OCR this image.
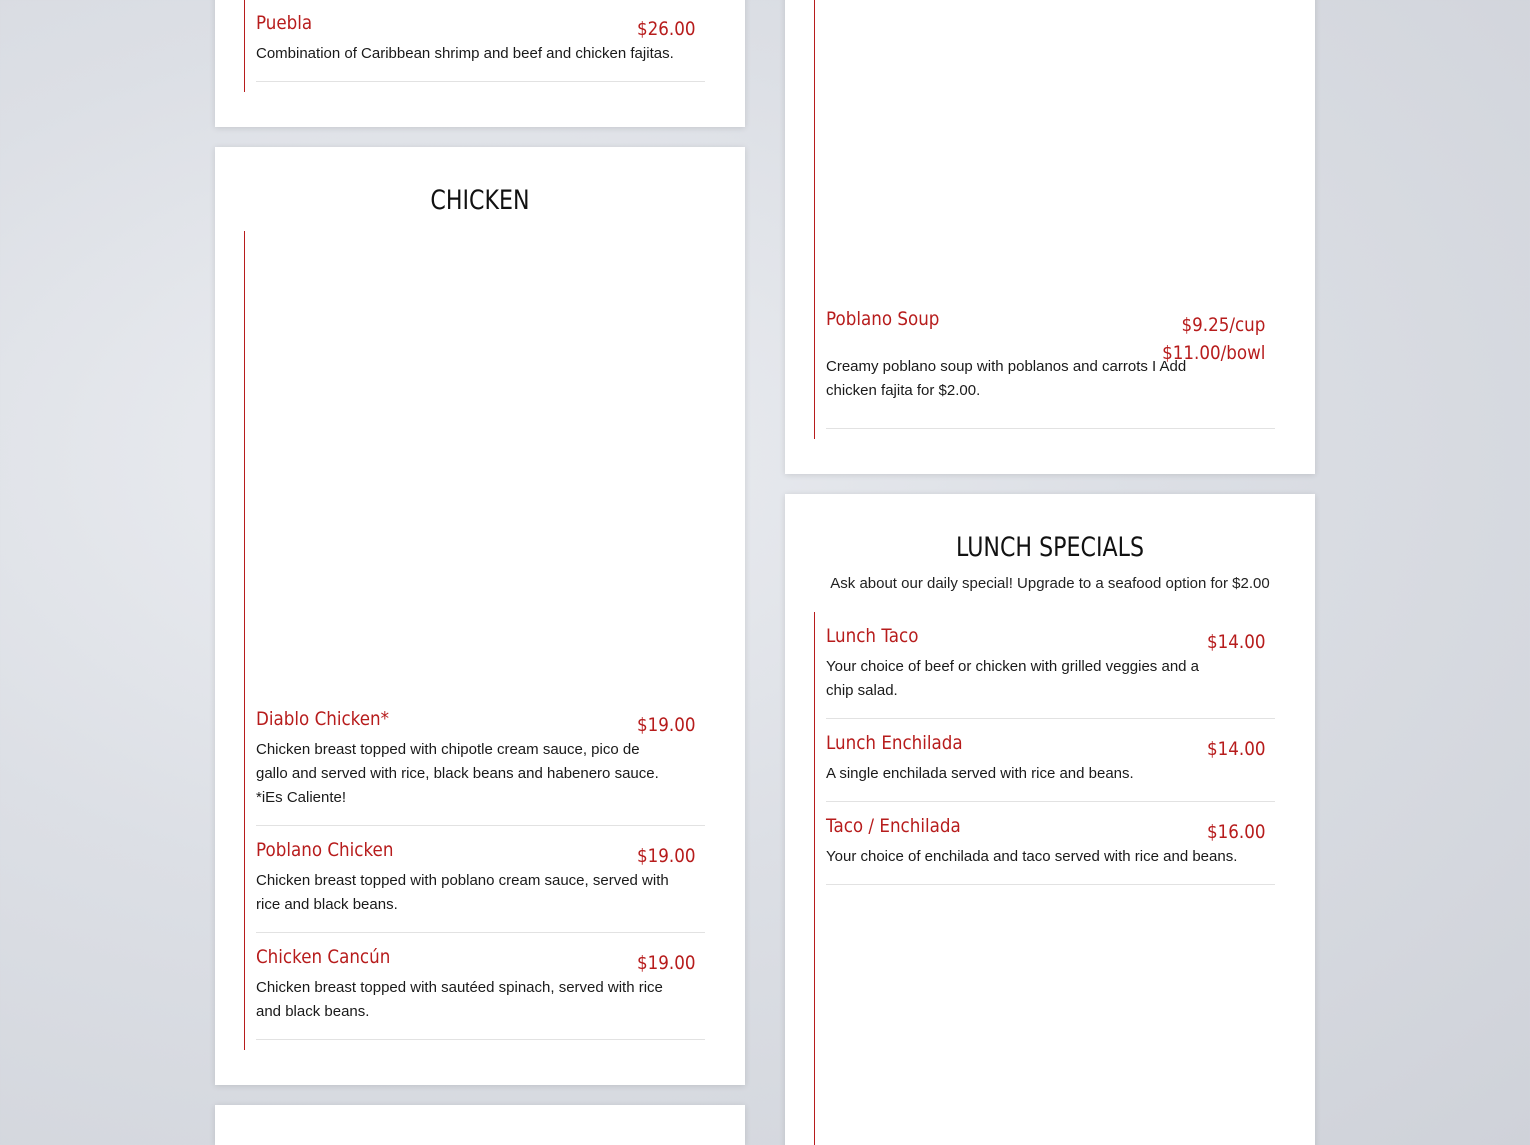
Puebla	$26.00
Combination of Caribbean shrimp and beef and chicken fajitas.
CHICKEN
Diablo Chicken*	$19.00
Chicken breast topped with chipotle cream sauce, pico de gallo and served with rice, black beans and habenero sauce. *iEs Caliente!
Poblano Chicken	$19.00
Chicken breast topped with poblano cream sauce, served with rice and black beans.
Chicken Cancún	$19.00
Chicken breast topped with sautéed spinach, served with rice and black beans.
Poblano Soup	$9.25/cup
$11.00/bowl
Creamy poblano soup with poblanos and carrots I Add chicken fajita for $2.00.
LUNCH SPECIALS
Ask about our daily special! Upgrade to a seafood option for $2.00
Lunch Taco	$14.00
Your choice of beef or chicken with grilled veggies and a chip salad.
Lunch Enchilada	$14.00
A single enchilada served with rice and beans.
Taco / Enchilada	$16.00
Your choice of enchilada and taco served with rice and beans.
